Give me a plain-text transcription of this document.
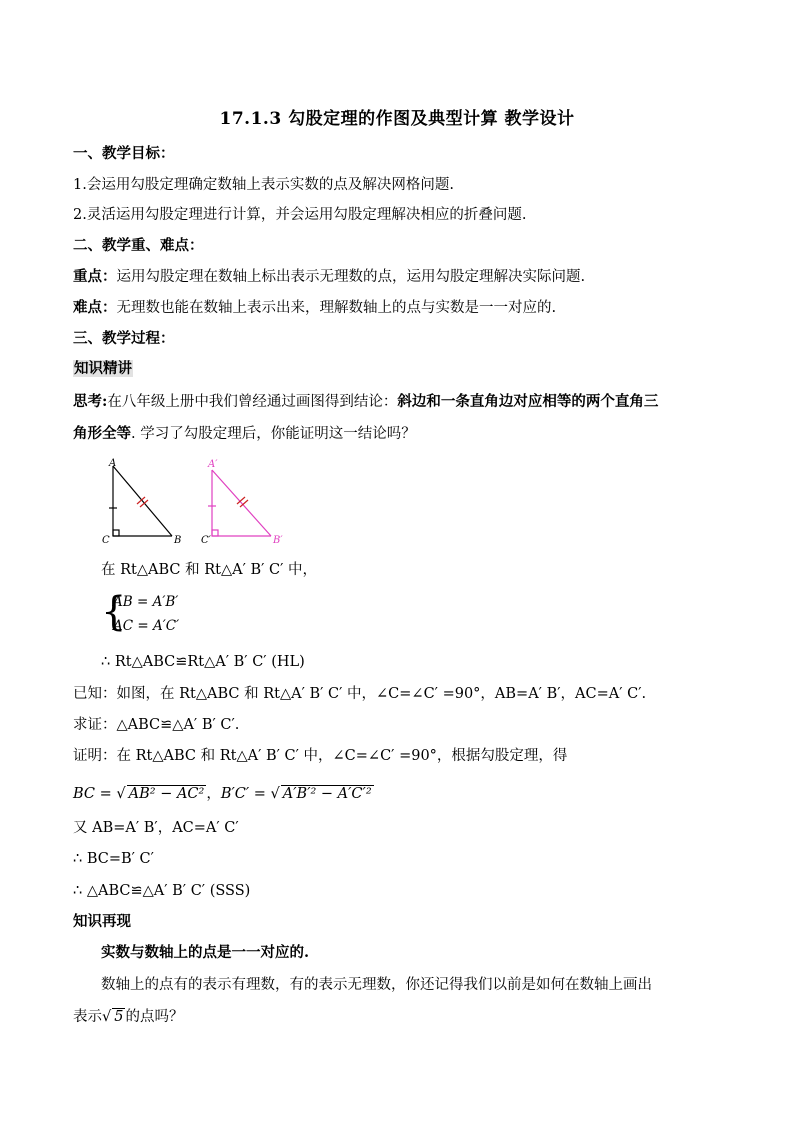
17.1.3 勾股定理的作图及典型计算 教学设计
一、教学目标：
1.会运用勾股定理确定数轴上表示实数的点及解决网格问题.
2.灵活运用勾股定理进行计算，并会运用勾股定理解决相应的折叠问题.
二、教学重、难点：
重点：运用勾股定理在数轴上标出表示无理数的点，运用勾股定理解决实际问题.
难点：无理数也能在数轴上表示出来，理解数轴上的点与实数是一一对应的.
三、教学过程：
知识精讲
思考:在八年级上册中我们曾经通过画图得到结论：斜边和一条直角边对应相等的两个直角三
角形全等. 学习了勾股定理后，你能证明这一结论吗？
A
C	B
A′
C′	B′
在 Rt△ABC 和 Rt△A′ B′ C′ 中，
{
AB = A′B′
AC = A′C′
∴ Rt△ABC≌Rt△A′ B′ C′ (HL)
已知：如图，在 Rt△ABC 和 Rt△A′ B′ C′ 中，∠C=∠C′ =90°，AB=A′ B′，AC=A′ C′.
求证：△ABC≌△A′ B′ C′.
证明：在 Rt△ABC 和 Rt△A′ B′ C′ 中，∠C=∠C′ =90°，根据勾股定理，得
BC = √ AB² − AC² ，B′C′ = √ A′B′² − A′C′²
又 AB=A′ B′，AC=A′ C′
∴ BC=B′ C′
∴ △ABC≌△A′ B′ C′ (SSS)
知识再现
实数与数轴上的点是一一对应的.
数轴上的点有的表示有理数，有的表示无理数，你还记得我们以前是如何在数轴上画出
表示√ 5 的点吗？
